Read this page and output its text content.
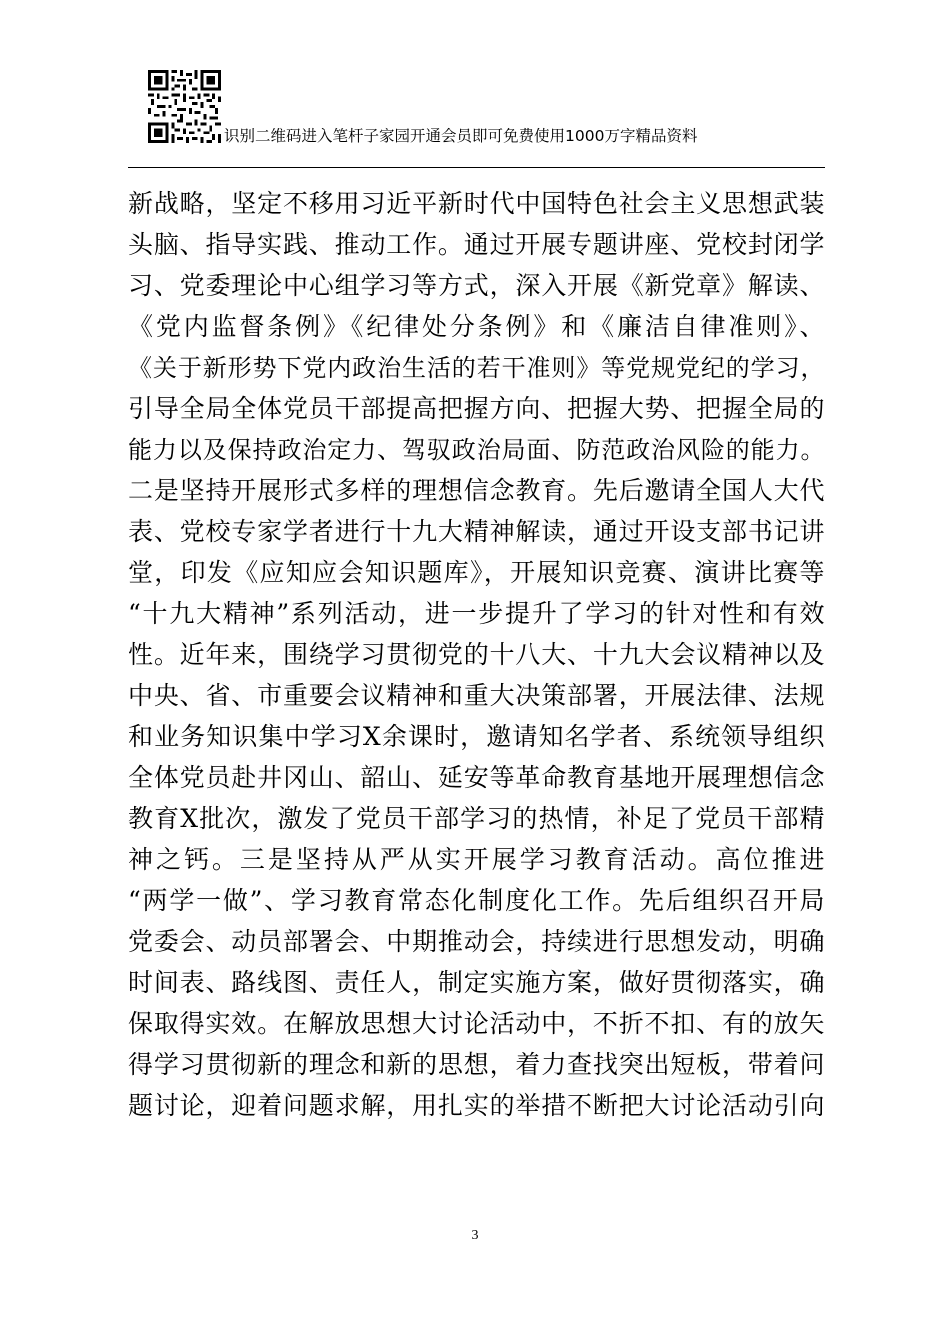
识别二维码进入笔杆子家园开通会员即可免费使用1000万字精品资料
新战略，坚定不移用习近平新时代中国特色社会主义思想武装
头脑、指导实践、推动工作。通过开展专题讲座、党校封闭学
习、党委理论中心组学习等方式，深入开展《新党章》解读、
《党内监督条例》《纪律处分条例》和《廉洁自律准则》、
《关于新形势下党内政治生活的若干准则》等党规党纪的学习，
引导全局全体党员干部提高把握方向、把握大势、把握全局的
能力以及保持政治定力、驾驭政治局面、防范政治风险的能力。
二是坚持开展形式多样的理想信念教育。先后邀请全国人大代
表、党校专家学者进行十九大精神解读，通过开设支部书记讲
堂，印发《应知应会知识题库》，开展知识竞赛、演讲比赛等
“十九大精神”系列活动，进一步提升了学习的针对性和有效
性。近年来，围绕学习贯彻党的十八大、十九大会议精神以及
中央、省、市重要会议精神和重大决策部署，开展法律、法规
和业务知识集中学习X余课时，邀请知名学者、系统领导组织
全体党员赴井冈山、韶山、延安等革命教育基地开展理想信念
教育X批次，激发了党员干部学习的热情，补足了党员干部精
神之钙。三是坚持从严从实开展学习教育活动。高位推进
“两学一做”、学习教育常态化制度化工作。先后组织召开局
党委会、动员部署会、中期推动会，持续进行思想发动，明确
时间表、路线图、责任人，制定实施方案，做好贯彻落实，确
保取得实效。在解放思想大讨论活动中，不折不扣、有的放矢
得学习贯彻新的理念和新的思想，着力查找突出短板，带着问
题讨论，迎着问题求解，用扎实的举措不断把大讨论活动引向
3
